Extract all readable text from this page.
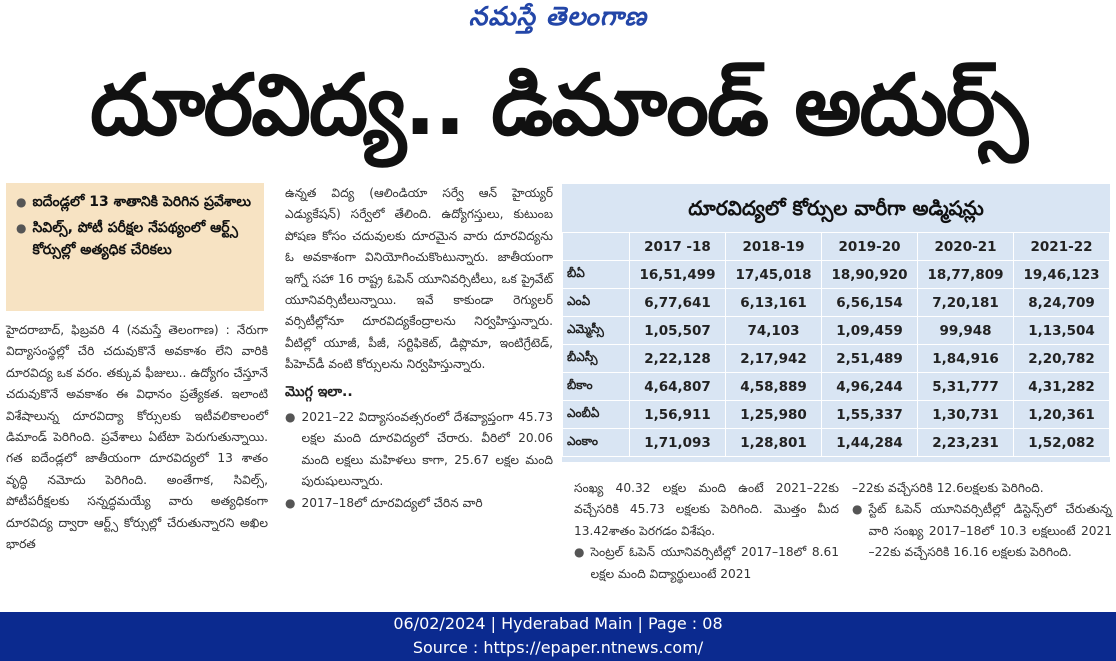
నమస్తే తెలంగాణ
దూరవిద్య.. డిమాండ్ అదుర్స్
● ఐదేండ్లలో 13 శాతానికి పెరిగిన ప్రవేశాలు
● సివిల్స్, పోటీ పరీక్షల నేపథ్యంలో ఆర్ట్స్ కోర్సుల్లో అత్యధిక చేరికలు

హైదరాబాద్, ఫిబ్రవరి 4 (నమస్తే తెలంగాణ) : నేరుగా విద్యాసంస్థల్లో చేరి చదువుకొనే అవకాశం లేని వారికి దూరవిద్య ఒక వరం. తక్కువ ఫీజులు.. ఉద్యోగం చేస్తూనే చదువుకొనే అవకాశం ఈ విధానం ప్రత్యేకత. ఇలాంటి విశేషాలున్న దూరవిద్యా కోర్సులకు ఇటీవలికాలంలో డిమాండ్ పెరిగింది. ప్రవేశాలు ఏటేటా పెరుగుతున్నాయి. గత ఐదేండ్లలో జాతీయంగా దూరవిద్యలో 13 శాతం వృద్ధి నమోదు పెరిగింది. అంతేగాక, సివిల్స్, పోటీపరీక్షలకు సన్నద్ధమయ్యే వారు అత్యధికంగా దూరవిద్య ద్వారా ఆర్ట్స్ కోర్సుల్లో చేరుతున్నారని అఖిల భారత

ఉన్నత విద్య (ఆలిండియా సర్వే ఆన్ హైయ్యర్ ఎడ్యుకేషన్) సర్వేలో తేలింది. ఉద్యోగస్తులు, కుటుంబ పోషణ కోసం చదువులకు దూరమైన వారు దూరవిద్యను ఓ అవకాశంగా వినియోగించుకొంటున్నారు. జాతీయంగా ఇగ్నో సహా 16 రాష్ట్ర ఓపెన్ యూనివర్సిటీలు, ఒక ప్రైవేట్ యూనివర్సిటీలున్నాయి. ఇవే కాకుండా రెగ్యులర్ వర్సిటీల్లోనూ దూరవిద్యకేంద్రాలను నిర్వహిస్తున్నారు. వీటిల్లో యూజీ, పీజీ, సర్టిఫికెట్, డిప్లొమా, ఇంటిగ్రేటెడ్, పీహెచ్‌డీ వంటి కోర్సులను నిర్వహిస్తున్నారు.

మొగ్గ ఇలా..
● 2021–22 విద్యాసంవత్సరంలో దేశవ్యాప్తంగా 45.73 లక్షల మంది దూరవిద్యలో చేరారు. వీరిలో 20.06 మంది లక్షలు మహిళలు కాగా, 25.67 లక్షల మంది పురుషులున్నారు.
● 2017–18లో దూరవిద్యలో చేరిన వారి
దూరవిద్యలో కోర్సుల వారీగా అడ్మిషన్లు
	2017 -18	2018-19	2019-20	2020-21	2021-22
బీఏ	16,51,499	17,45,018	18,90,920	18,77,809	19,46,123
ఎంఏ	6,77,641	6,13,161	6,56,154	7,20,181	8,24,709
ఎమ్మెస్సీ	1,05,507	74,103	1,09,459	99,948	1,13,504
బీఎస్సీ	2,22,128	2,17,942	2,51,489	1,84,916	2,20,782
బీకాం	4,64,807	4,58,889	4,96,244	5,31,777	4,31,282
ఎంబీఏ	1,56,911	1,25,980	1,55,337	1,30,731	1,20,361
ఎంకాం	1,71,093	1,28,801	1,44,284	2,23,231	1,52,082

సంఖ్య 40.32 లక్షల మంది ఉంటే 2021–22కు వచ్చేసరికి 45.73 లక్షలకు పెరిగింది. మొత్తం మీద 13.42శాతం పెరగడం విశేషం.

● సెంట్రల్ ఓపెన్ యూనివర్సిటీల్లో 2017–18లో 8.61 లక్షల మంది విద్యార్థులుంటే 2021

–22కు వచ్చేసరికి 12.6లక్షలకు పెరిగింది.

● స్టేట్ ఓపెన్ యూనివర్సిటీల్లో డిస్టెన్స్‌లో చేరుతున్న వారి సంఖ్య 2017–18లో 10.3 లక్షలుంటే 2021 –22కు వచ్చేసరికి 16.16 లక్షలకు పెరిగింది.
06/02/2024 | Hyderabad Main | Page : 08
Source : https://epaper.ntnews.com/
